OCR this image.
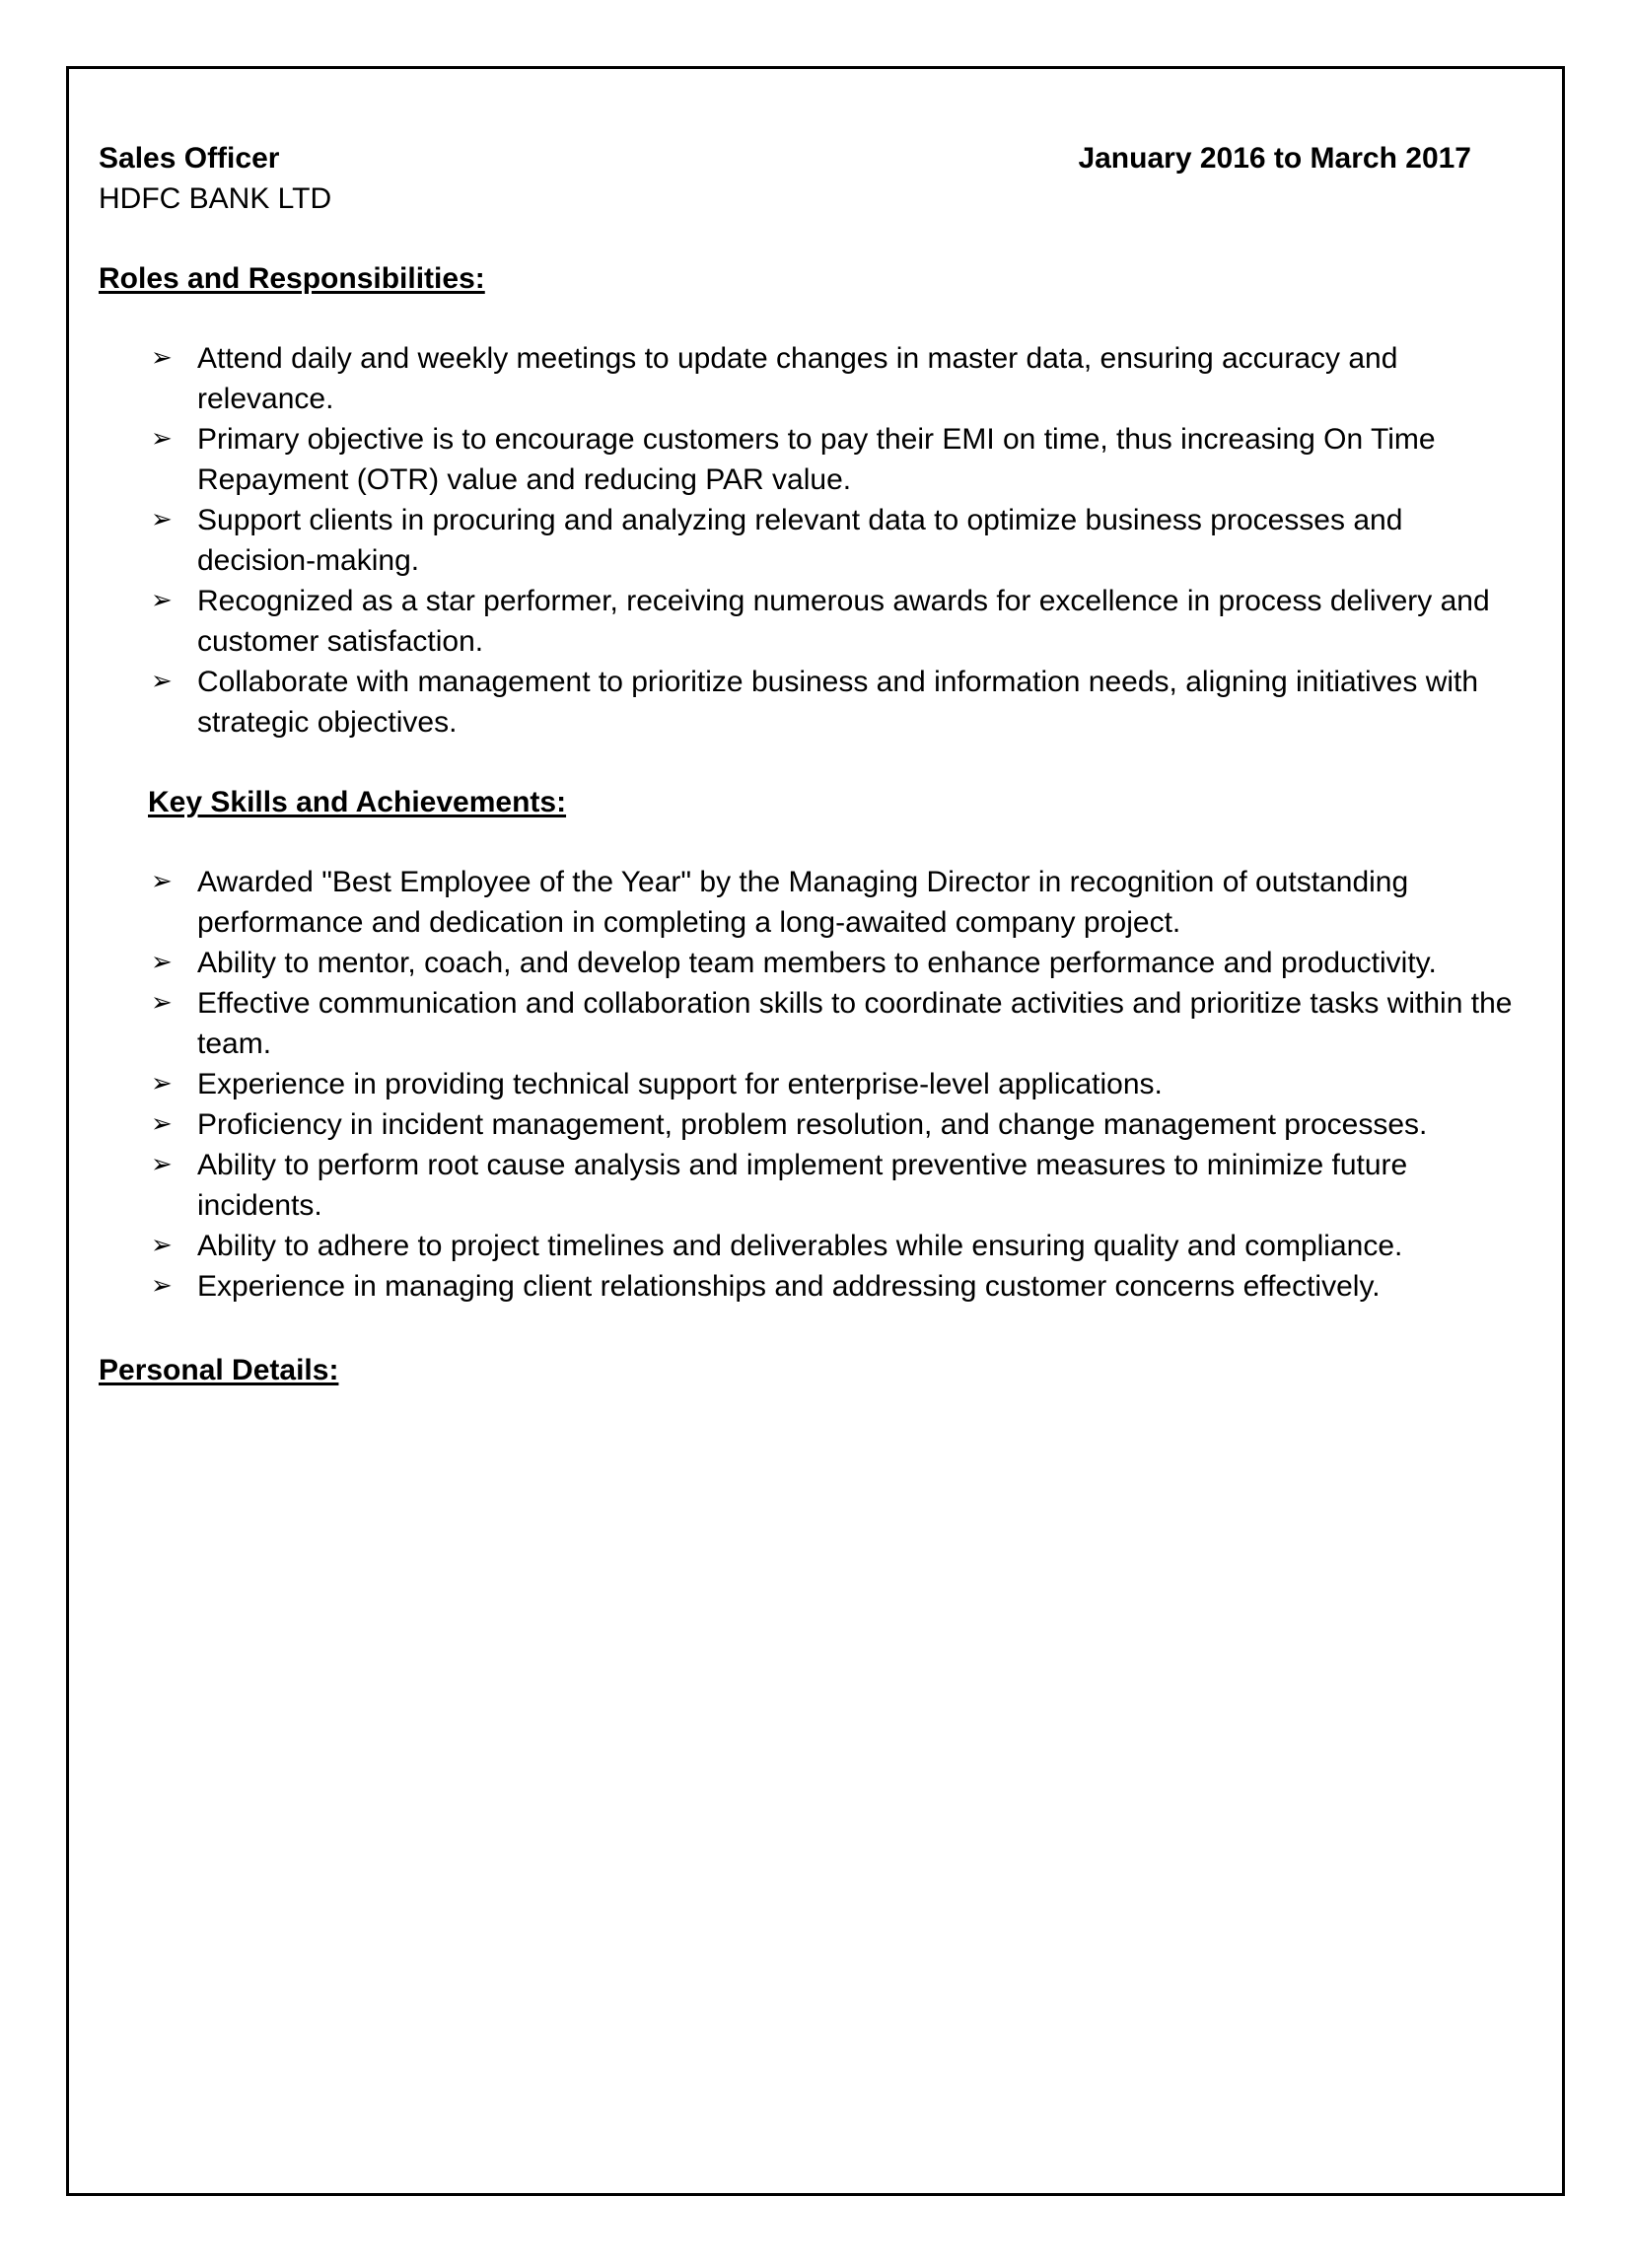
Sales Officer	January 2016 to March 2017
HDFC BANK LTD
Roles and Responsibilities:
➢ Attend daily and weekly meetings to update changes in master data, ensuring accuracy and relevance.
➢ Primary objective is to encourage customers to pay their EMI on time, thus increasing On Time Repayment (OTR) value and reducing PAR value.
➢ Support clients in procuring and analyzing relevant data to optimize business processes and decision-making.
➢ Recognized as a star performer, receiving numerous awards for excellence in process delivery and customer satisfaction.
➢ Collaborate with management to prioritize business and information needs, aligning initiatives with strategic objectives.
Key Skills and Achievements:
➢ Awarded "Best Employee of the Year" by the Managing Director in recognition of outstanding performance and dedication in completing a long-awaited company project.
➢ Ability to mentor, coach, and develop team members to enhance performance and productivity.
➢ Effective communication and collaboration skills to coordinate activities and prioritize tasks within the team.
➢ Experience in providing technical support for enterprise-level applications.
➢ Proficiency in incident management, problem resolution, and change management processes.
➢ Ability to perform root cause analysis and implement preventive measures to minimize future incidents.
➢ Ability to adhere to project timelines and deliverables while ensuring quality and compliance.
➢ Experience in managing client relationships and addressing customer concerns effectively.
Personal Details:
